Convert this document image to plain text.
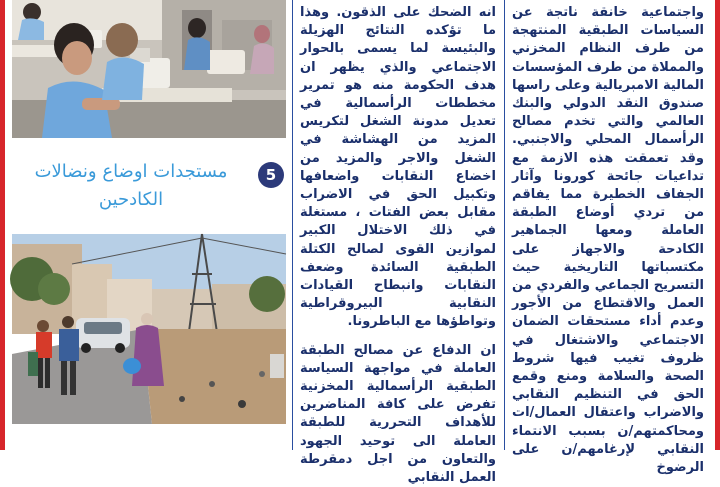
واجتماعية خانقة ناتجة عن السياسات الطبقية المنتهجة من طرف النظام المخزني والمملاة من طرف المؤسسات المالية الامبريالية وعلى راسها صندوق النقد الدولي والبنك العالمي والتي تخدم مصالح الرأسمال المحلي والاجنبي. وقد تعمقت هذه الازمة مع تداعيات جائحة كورونا وآثار الجفاف الخطيرة مما يفاقم من تردي أوضاع الطبقة العاملة ومعها الجماهير الكادحة والاجهاز على مكتسباتها التاريخية حيث التسريح الجماعي والفردي من العمل والاقتطاع من الأجور وعدم أداء مستحقات الضمان الاجتماعي والاشتغال في ظروف تغيب فيها شروط الصحة والسلامة ومنع وقمع الحق في التنظيم النقابي والاضراب واعتقال العمال/ات ومحاكمتهم/ن بسبب الانتماء النقابي لإرغامهم/ن على الرضوخ

انه الضحك على الذقون. وهذا ما تؤكده النتائج الهزيلة والبئيسة لما يسمى بالحوار الاجتماعي والذي يظهر ان هدف الحكومة منه هو تمرير مخططات الرأسمالية في تعديل مدونة الشغل لتكريس المزيد من الهشاشة في الشغل والاجر والمزيد من اخضاع النقابات واضعافها وتكبيل الحق في الاضراب مقابل بعض الفتات ، مستغلة في ذلك الاختلال الكبير لموازين القوى لصالح الكتلة الطبقية السائدة وضعف النقابات وانبطاح القيادات النقابية البيروقراطية وتواطؤها مع الباطرونا.

ان الدفاع عن مصالح الطبقة العاملة في مواجهة السياسة الطبقية الرأسمالية المخزنية تفرض على كافة المناضرين للأهداف التحررية للطبقة العاملة الى توحيد الجهود والتعاون من اجل دمقرطة العمل النقابي

5
مستجدات اوضاع ونضالات
الكادحين
